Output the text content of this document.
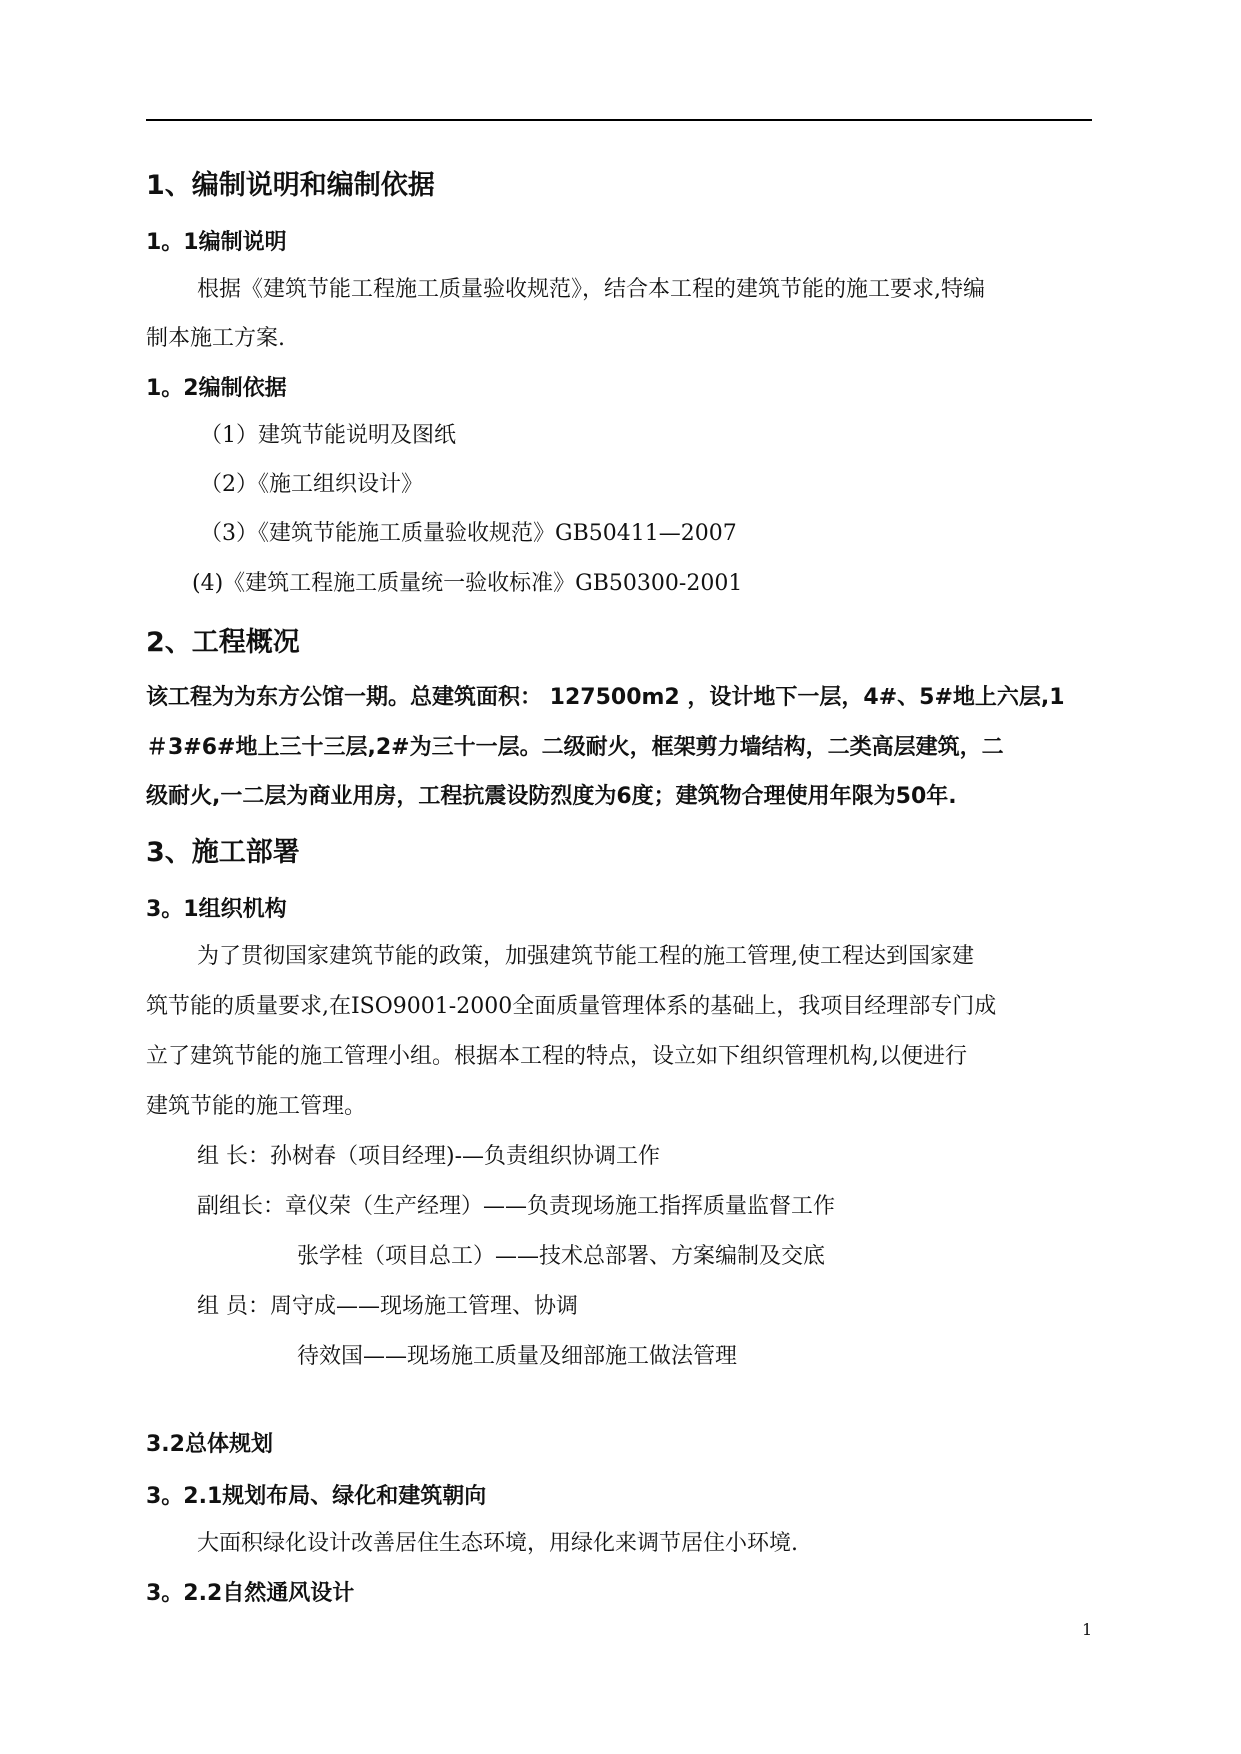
1、编制说明和编制依据
1。1编制说明
根据《建筑节能工程施工质量验收规范》，结合本工程的建筑节能的施工要求,特编
制本施工方案.
1。2编制依据
（1）建筑节能说明及图纸
（2）《施工组织设计》
（3）《建筑节能施工质量验收规范》GB50411—2007
(4)《建筑工程施工质量统一验收标准》GB50300-2001
2、工程概况
该工程为为东方公馆一期。总建筑面积： 127500m2 ，设计地下一层，4#、5#地上六层,1
＃3#6#地上三十三层,2#为三十一层。二级耐火，框架剪力墙结构，二类高层建筑，二
级耐火,一二层为商业用房，工程抗震设防烈度为6度；建筑物合理使用年限为50年.
3、施工部署
3。1组织机构
为了贯彻国家建筑节能的政策，加强建筑节能工程的施工管理,使工程达到国家建
筑节能的质量要求,在ISO9001-2000全面质量管理体系的基础上，我项目经理部专门成
立了建筑节能的施工管理小组。根据本工程的特点，设立如下组织管理机构,以便进行
建筑节能的施工管理。
组 长：孙树春（项目经理)-—负责组织协调工作
副组长：章仪荣（生产经理）——负责现场施工指挥质量监督工作
张学桂（项目总工）——技术总部署、方案编制及交底
组 员：周守成——现场施工管理、协调
待效国——现场施工质量及细部施工做法管理
3.2总体规划
3。2.1规划布局、绿化和建筑朝向
大面积绿化设计改善居住生态环境，用绿化来调节居住小环境.
3。2.2自然通风设计
1
